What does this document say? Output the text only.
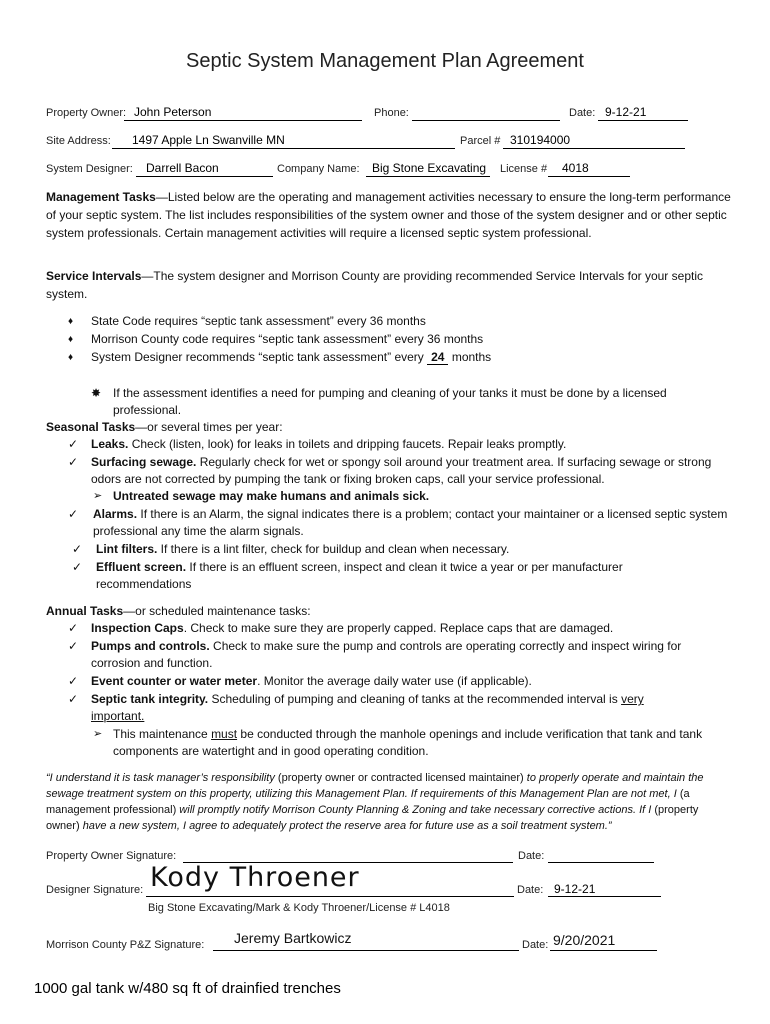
Septic System Management Plan Agreement
Property Owner: John Peterson	Phone:	Date: 9-12-21
Site Address: 1497 Apple Ln Swanville MN	Parcel # 310194000
System Designer: Darrell Bacon	Company Name: Big Stone Excavating License # 4018
Management Tasks—Listed below are the operating and management activities necessary to ensure the long-term performance of your septic system. The list includes responsibilities of the system owner and those of the system designer and or other septic system professionals. Certain management activities will require a licensed septic system professional.
Service Intervals—The system designer and Morrison County are providing recommended Service Intervals for your septic system.
♦ State Code requires “septic tank assessment” every 36 months
♦ Morrison County code requires “septic tank assessment” every 36 months
♦ System Designer recommends “septic tank assessment” every 24 months
✸ If the assessment identifies a need for pumping and cleaning of your tanks it must be done by a licensed professional.
Seasonal Tasks—or several times per year:
✓ Leaks. Check (listen, look) for leaks in toilets and dripping faucets. Repair leaks promptly.
✓ Surfacing sewage. Regularly check for wet or spongy soil around your treatment area. If surfacing sewage or strong odors are not corrected by pumping the tank or fixing broken caps, call your service professional.
➢ Untreated sewage may make humans and animals sick.
✓ Alarms. If there is an Alarm, the signal indicates there is a problem; contact your maintainer or a licensed septic system professional any time the alarm signals.
✓ Lint filters. If there is a lint filter, check for buildup and clean when necessary.
✓ Effluent screen. If there is an effluent screen, inspect and clean it twice a year or per manufacturer recommendations
Annual Tasks—or scheduled maintenance tasks:
✓ Inspection Caps. Check to make sure they are properly capped. Replace caps that are damaged.
✓ Pumps and controls. Check to make sure the pump and controls are operating correctly and inspect wiring for corrosion and function.
✓ Event counter or water meter. Monitor the average daily water use (if applicable).
✓ Septic tank integrity. Scheduling of pumping and cleaning of tanks at the recommended interval is very important.
➢ This maintenance must be conducted through the manhole openings and include verification that tank and tank components are watertight and in good operating condition.
“I understand it is task manager’s responsibility (property owner or contracted licensed maintainer) to properly operate and maintain the sewage treatment system on this property, utilizing this Management Plan. If requirements of this Management Plan are not met, I (a management professional) will promptly notify Morrison County Planning & Zoning and take necessary corrective actions. If I (property owner) have a new system, I agree to adequately protect the reserve area for future use as a soil treatment system.”
Property Owner Signature:	Date:
Designer Signature: Kody Throener	Date: 9-12-21
Big Stone Excavating/Mark & Kody Throener/License # L4018
Morrison County P&Z Signature: Jeremy Bartkowicz	Date: 9/20/2021
1000 gal tank w/480 sq ft of drainfied trenches
